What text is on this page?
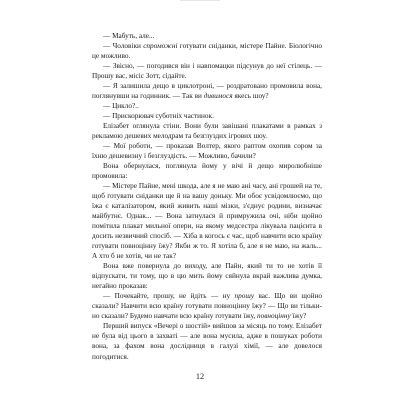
— Мабуть, але...

— Чоловіки спроможні готувати сніданки, містере Пайне. Біологічно це можливо.

— Звісно, — погодився він і навпомацки підсунув до неї стілець. — Прошу вас, місіс Зотт, сідайте.

— Я залишила дещо в циклотроні, — роздратовано промовила вона, поглянувши на годинник. — Так ви дивимося якесь шоу?

— Цикло?..

— Прискорювач суботніх частинок.

Елізабет оглянула стіни. Вони були завішані плакатами в рамках з рекламою дешевих мелодрам та безглуздих ігрових шоу.

— Мої роботи, — проказав Волтер, якого раптом охопив сором за їхню дешевизну і безглуздість. — Можливо, бачили?

Вона обернулася, поглянула йому у вічі й дещо миролюбніше промовила:

— Містере Пайне, мені шкода, але я не маю ані часу, ані грошей на те, щоб готувати сніданки ще й на вашу доньку. Ми обоє усвідомлюємо, що їжа є каталізатором, який живить наші мізки, з'єднує родини, визначає майбутнє. Однак... — Вона затнулася й примружила очі, ніби щойно помітила плакат мильної опери, на якому медсестра лікувала пацієнта в досить незвичний спосіб. — Хіба в когось є час, щоб навчити всю країну готувати повноцінну їжу? Якби ж то. Я хотіла б, але я не маю, на жаль... А хто б не хотів, чи не так?

Вона вже повернула до виходу, але Пайн, який ти то не хотів її відпускати, ти тому, що в цю мить йому сяйнула вкрай важлива думка, негайно проказав:

— Почекайте, прошу, не йдіть — ну прошу вас. Що ви щойно сказали? Навчити всю країну готувати повноцінну їжу? — Що ви тільки-но сказали? Будемо навчати всю країну готувати їжу, повноцінну їжу?

Перший випуск «Вечері о шостій» вийшов за місяць по тому. Елізабет не була від цього в захваті — але вона мусила, адже в пошуках роботи вона, за фахом вона дослідниця в галузі хімії, — але довелося погодитися.

12
